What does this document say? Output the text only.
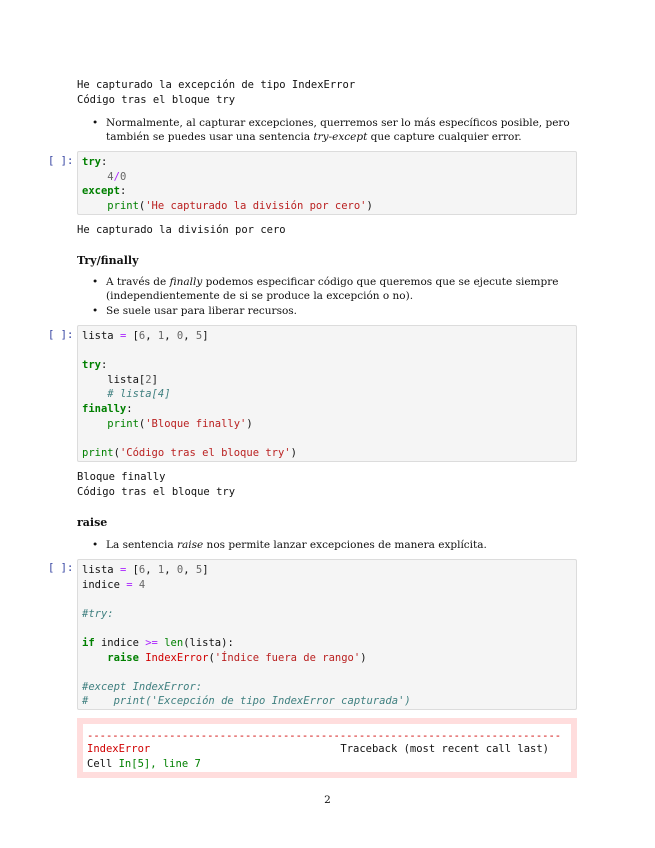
He capturado la excepción de tipo IndexError
Código tras el bloque try
• Normalmente, al capturar excepciones, querremos ser lo más específicos posible, pero también se puedes usar una sentencia try-except que capture cualquier error.
[ ]: try:
4/0
except:
print('He capturado la división por cero')
He capturado la división por cero
Try/finally
• A través de finally podemos especificar código que queremos que se ejecute siempre (independientemente de si se produce la excepción o no).
• Se suele usar para liberar recursos.
[ ]: lista = [6, 1, 0, 5]

try:
lista[2]
# lista[4]
finally:
print('Bloque finally')

print('Código tras el bloque try')
Bloque finally
Código tras el bloque try
raise
• La sentencia raise nos permite lanzar excepciones de manera explícita.
[ ]: lista = [6, 1, 0, 5]
indice = 4

#try:

if indice >= len(lista):
raise IndexError('Índice fuera de rango')

#except IndexError:
#    print('Excepción de tipo IndexError capturada')
---------------------------------------------------------------------------
IndexError	Traceback (most recent call last)
Cell In[5], line 7
2
